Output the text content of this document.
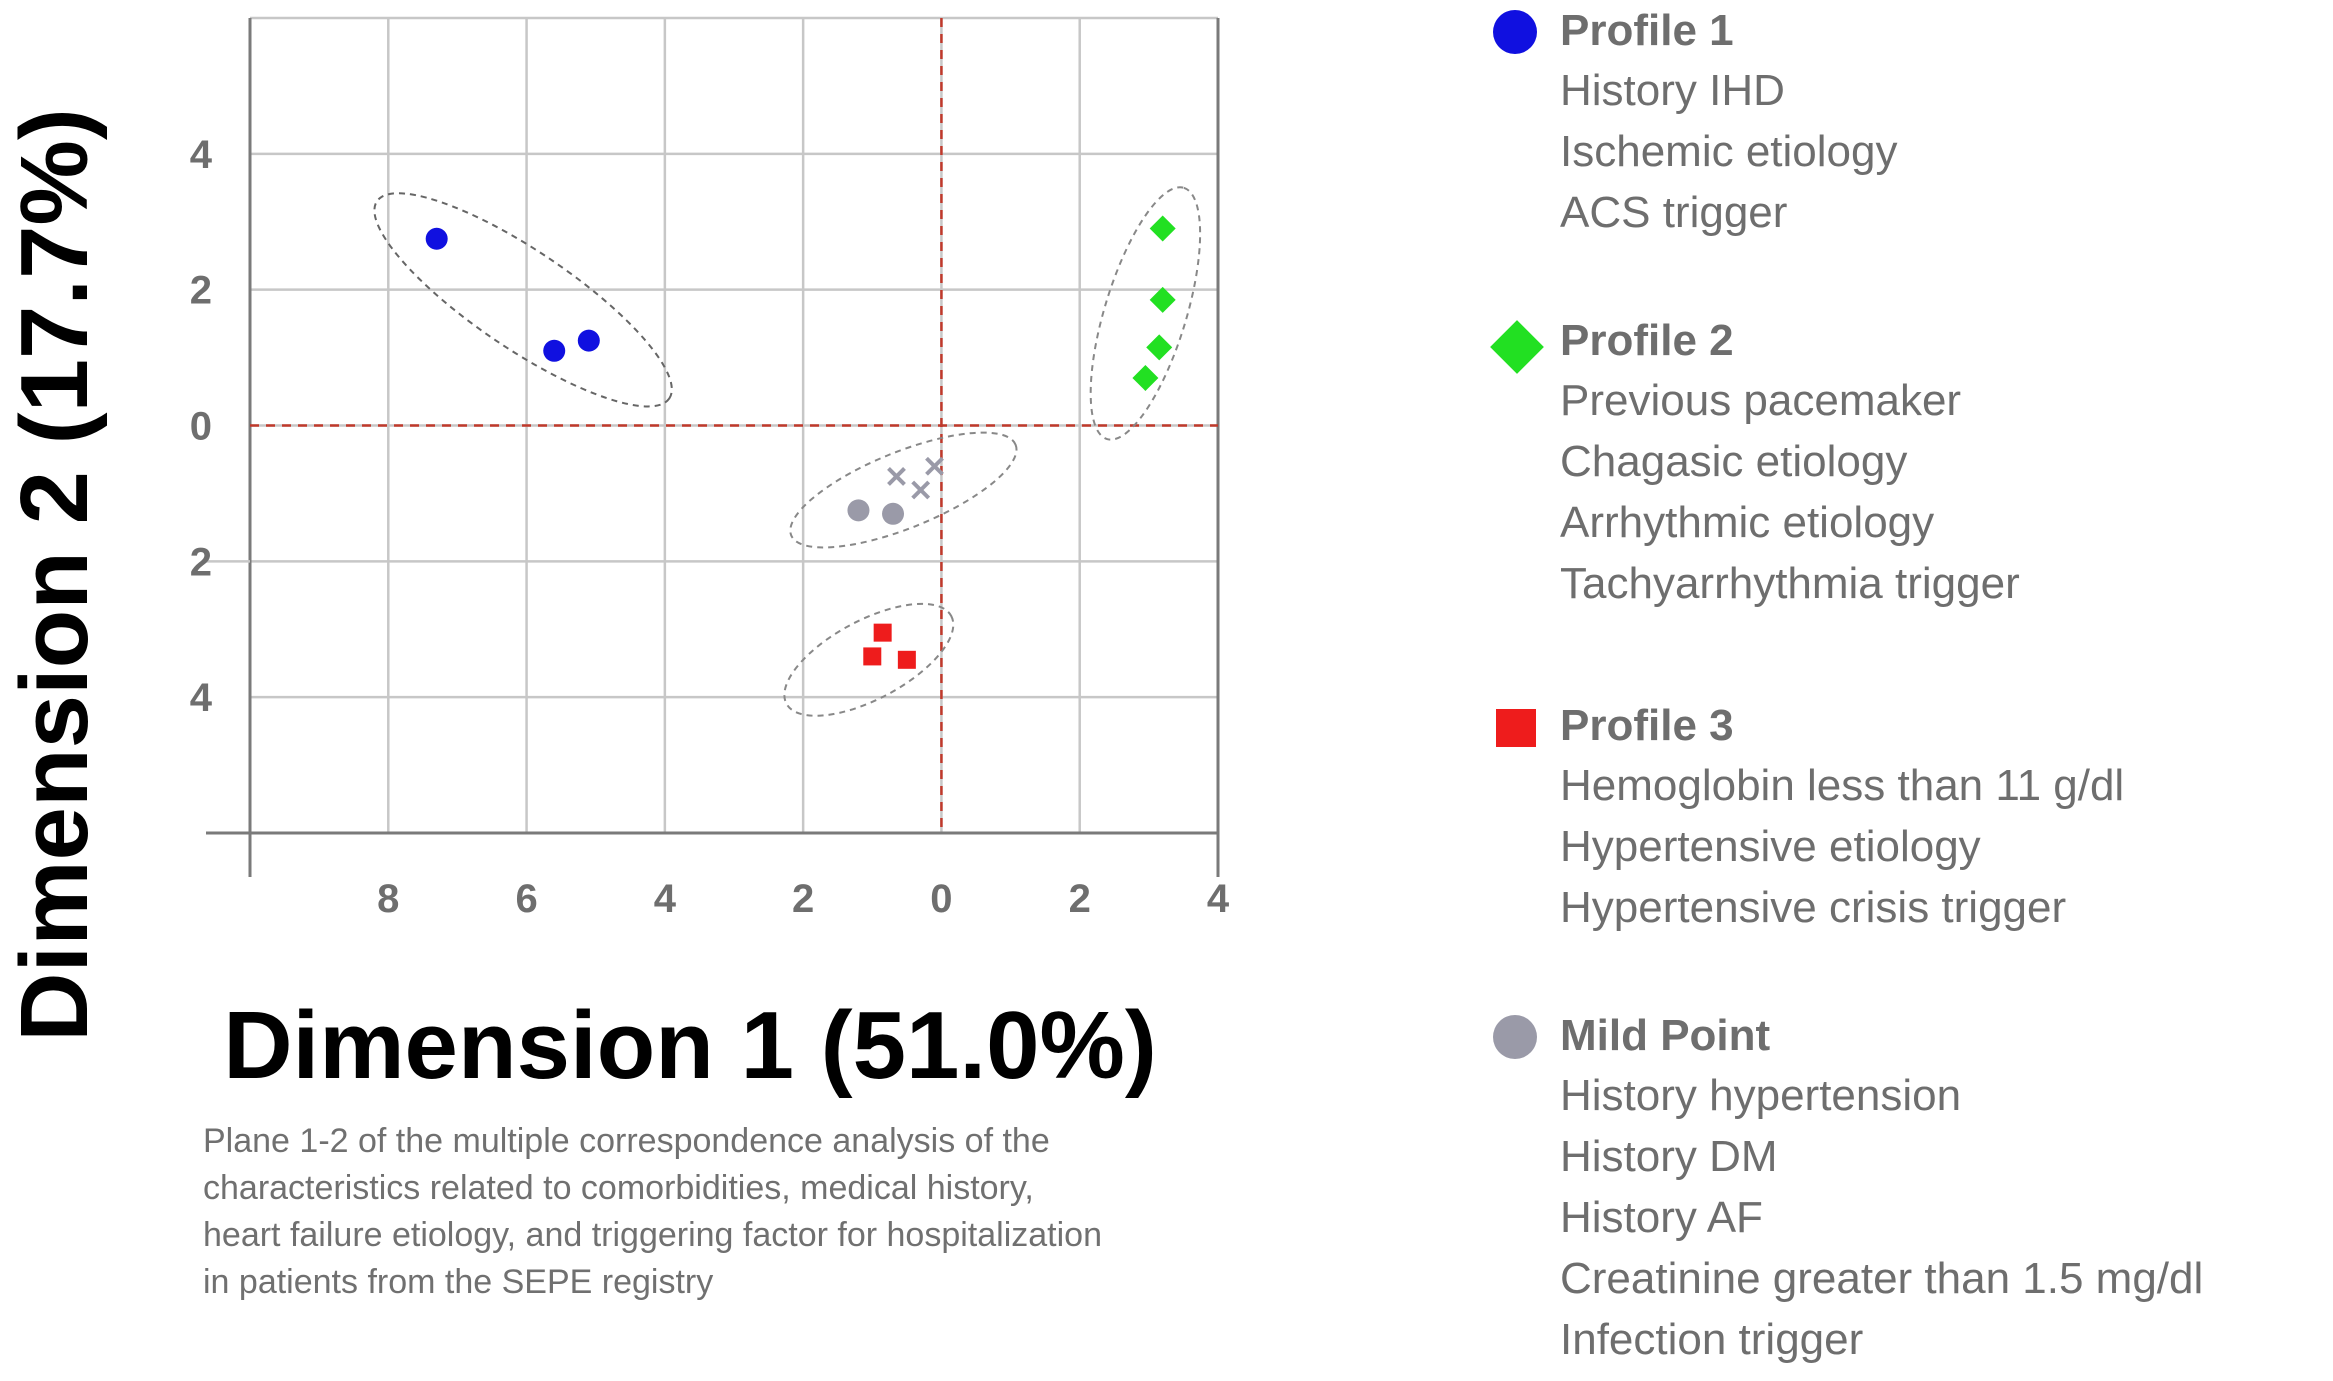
8	6	4	2	0	2	4
4
2
0
2
4
Dimension 1 (51.0%)
Dimension 2 (17.7%)

Plane 1-2 of the multiple correspondence analysis of the
characteristics related to comorbidities, medical history,
heart failure etiology, and triggering factor for hospitalization
in patients from the SEPE registry

Profile 1
History IHD
Ischemic etiology
ACS trigger
Profile 2
Previous pacemaker
Chagasic etiology
Arrhythmic etiology
Tachyarrhythmia trigger
Profile 3
Hemoglobin less than 11 g/dl
Hypertensive etiology
Hypertensive crisis trigger
Mild Point
History hypertension
History DM
History AF
Creatinine greater than 1.5 mg/dl
Infection trigger
